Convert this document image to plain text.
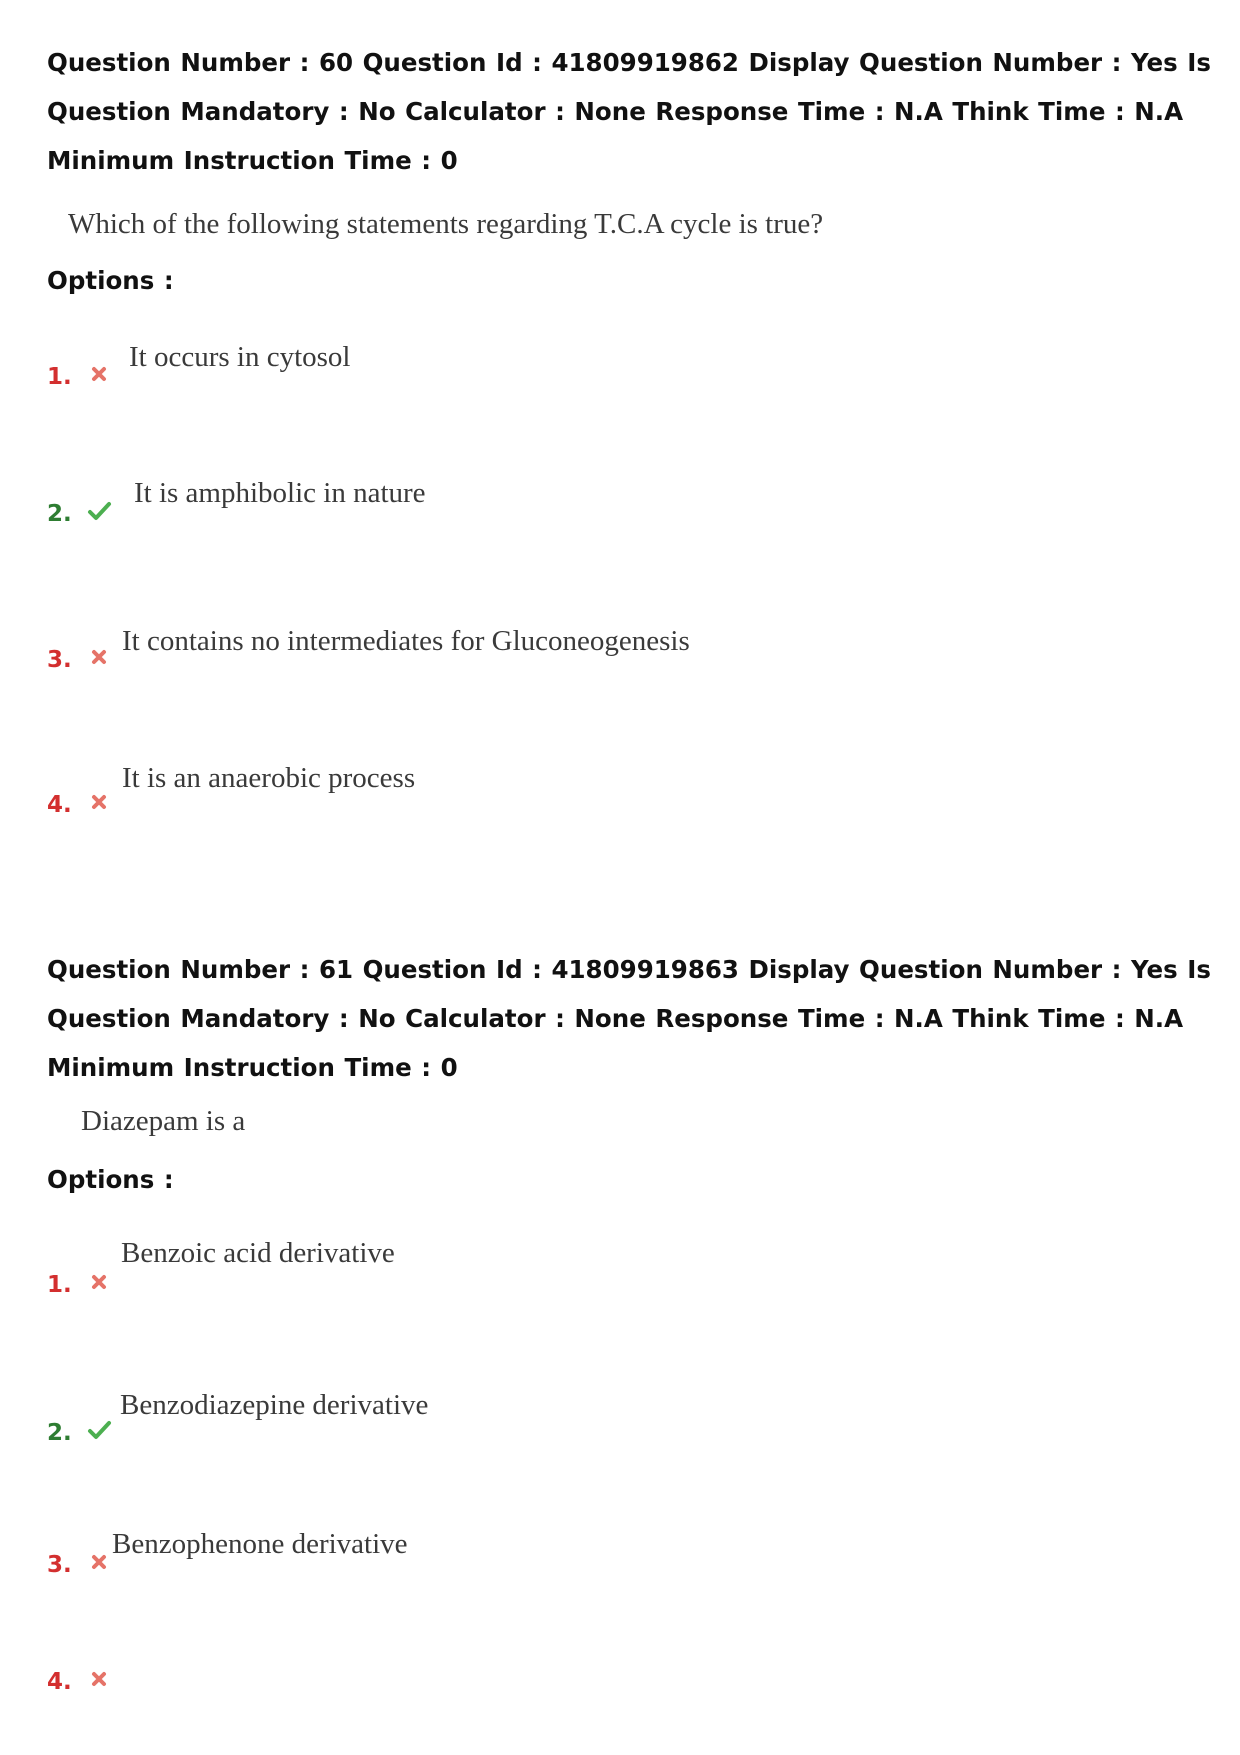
Question Number : 60 Question Id : 41809919862 Display Question Number : Yes Is Question Mandatory : No Calculator : None Response Time : N.A Think Time : N.A Minimum Instruction Time : 0
Which of the following statements regarding T.C.A cycle is true?
Options :
1.
It occurs in cytosol
2.
It is amphibolic in nature
3.
It contains no intermediates for Gluconeogenesis
4.
It is an anaerobic process
Question Number : 61 Question Id : 41809919863 Display Question Number : Yes Is Question Mandatory : No Calculator : None Response Time : N.A Think Time : N.A Minimum Instruction Time : 0
Diazepam is a
Options :
1.
Benzoic acid derivative
2.
Benzodiazepine derivative
3.
Benzophenone derivative
4.
